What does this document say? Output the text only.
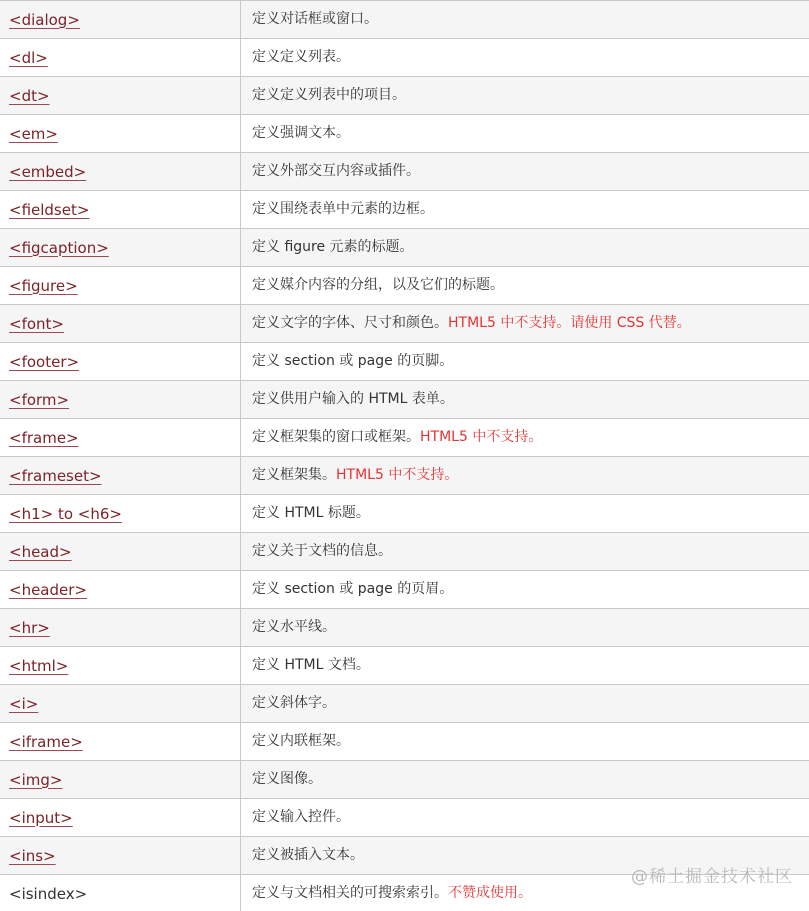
<dialog>	定义对话框或窗口。
<dl>	定义定义列表。
<dt>	定义定义列表中的项目。
<em>	定义强调文本。
<embed>	定义外部交互内容或插件。
<fieldset>	定义围绕表单中元素的边框。
<figcaption>	定义 figure 元素的标题。
<figure>	定义媒介内容的分组，以及它们的标题。
<font>	定义文字的字体、尺寸和颜色。 HTML5 中不支持。请使用 CSS 代替。
<footer>	定义 section 或 page 的页脚。
<form>	定义供用户输入的 HTML 表单。
<frame>	定义框架集的窗口或框架。 HTML5 中不支持。
<frameset>	定义框架集。 HTML5 中不支持。
<h1> to <h6>	定义 HTML 标题。
<head>	定义关于文档的信息。
<header>	定义 section 或 page 的页眉。
<hr>	定义水平线。
<html>	定义 HTML 文档。
<i>	定义斜体字。
<iframe>	定义内联框架。
<img>	定义图像。
<input>	定义输入控件。
<ins>	定义被插入文本。
<isindex>	定义与文档相关的可搜索索引。 不赞成使用。
@稀土掘金技术社区
